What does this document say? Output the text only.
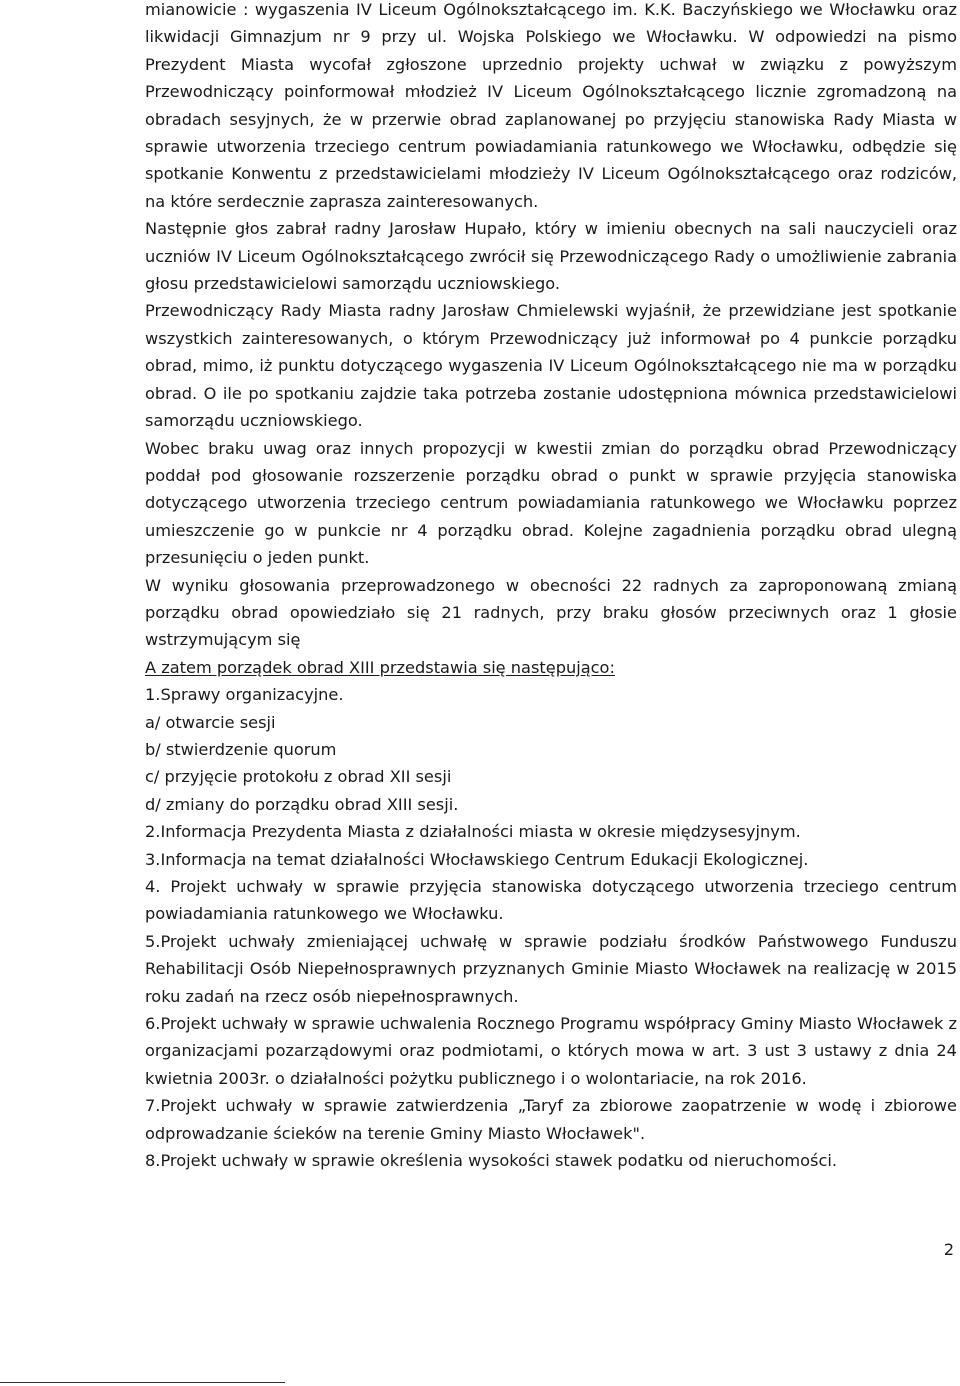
mianowicie : wygaszenia IV Liceum Ogólnokształcącego im. K.K. Baczyńskiego we Włocławku oraz likwidacji Gimnazjum nr 9 przy ul. Wojska Polskiego we Włocławku. W odpowiedzi na pismo Prezydent Miasta wycofał zgłoszone uprzednio projekty uchwał w związku z powyższym Przewodniczący poinformował młodzież IV Liceum Ogólnokształcącego licznie zgromadzoną na obradach sesyjnych, że w przerwie obrad zaplanowanej po przyjęciu stanowiska Rady Miasta w sprawie utworzenia trzeciego centrum powiadamiania ratunkowego we Włocławku, odbędzie się spotkanie Konwentu z przedstawicielami młodzieży IV Liceum Ogólnokształcącego oraz rodziców, na które serdecznie zaprasza zainteresowanych.

Następnie głos zabrał radny Jarosław Hupało, który w imieniu obecnych na sali nauczycieli oraz uczniów IV Liceum Ogólnokształcącego zwrócił się Przewodniczącego Rady o umożliwienie zabrania głosu przedstawicielowi samorządu uczniowskiego.

Przewodniczący Rady Miasta radny Jarosław Chmielewski wyjaśnił, że przewidziane jest spotkanie wszystkich zainteresowanych, o którym Przewodniczący już informował po 4 punkcie porządku obrad, mimo, iż punktu dotyczącego wygaszenia IV Liceum Ogólnokształcącego nie ma w porządku obrad. O ile po spotkaniu zajdzie taka potrzeba zostanie udostępniona mównica przedstawicielowi samorządu uczniowskiego.

Wobec braku uwag oraz innych propozycji w kwestii zmian do porządku obrad Przewodniczący poddał pod głosowanie rozszerzenie porządku obrad o punkt w sprawie przyjęcia stanowiska dotyczącego utworzenia trzeciego centrum powiadamiania ratunkowego we Włocławku poprzez umieszczenie go w punkcie nr 4 porządku obrad. Kolejne zagadnienia porządku obrad ulegną przesunięciu o jeden punkt.

W wyniku głosowania przeprowadzonego w obecności 22 radnych za zaproponowaną zmianą porządku obrad opowiedziało się 21 radnych, przy braku głosów przeciwnych oraz 1 głosie wstrzymującym się

A zatem porządek obrad XIII przedstawia się następująco:

1.Sprawy organizacyjne.

a/ otwarcie sesji

b/ stwierdzenie quorum

c/ przyjęcie protokołu z obrad XII sesji

d/ zmiany do porządku obrad XIII sesji.

2.Informacja Prezydenta Miasta z działalności miasta w okresie międzysesyjnym.

3.Informacja na temat działalności Włocławskiego Centrum Edukacji Ekologicznej.

4. Projekt uchwały w sprawie przyjęcia stanowiska dotyczącego utworzenia trzeciego centrum powiadamiania ratunkowego we Włocławku.

5.Projekt uchwały zmieniającej uchwałę w sprawie podziału środków Państwowego Funduszu Rehabilitacji Osób Niepełnosprawnych przyznanych Gminie Miasto Włocławek na realizację w 2015 roku zadań na rzecz osób niepełnosprawnych.

6.Projekt uchwały w sprawie uchwalenia Rocznego Programu współpracy Gminy Miasto Włocławek z organizacjami pozarządowymi oraz podmiotami, o których mowa w art. 3 ust 3 ustawy z dnia 24 kwietnia 2003r. o działalności pożytku publicznego i o wolontariacie, na rok 2016.

7.Projekt uchwały w sprawie zatwierdzenia „Taryf za zbiorowe zaopatrzenie w wodę i zbiorowe odprowadzanie ścieków na terenie Gminy Miasto Włocławek".

8.Projekt uchwały w sprawie określenia wysokości stawek podatku od nieruchomości.

2
